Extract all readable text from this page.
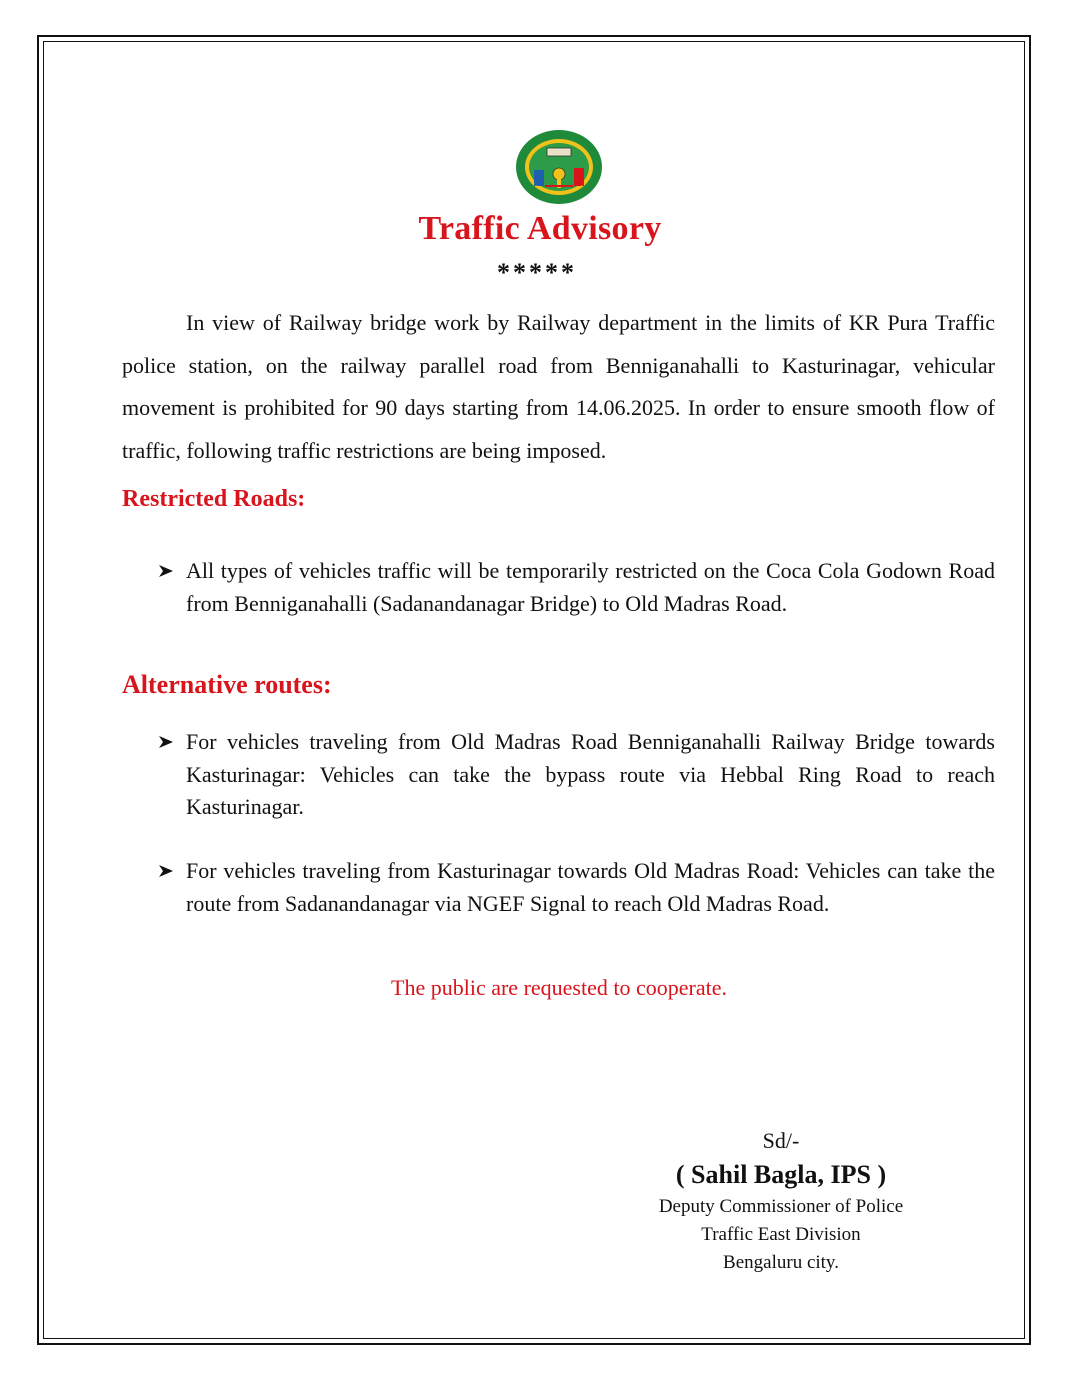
Traffic Advisory
*****

In view of Railway bridge work by Railway department in the limits of KR Pura Traffic police station, on the railway parallel road from Benniganahalli to Kasturinagar, vehicular movement is prohibited for 90 days starting from 14.06.2025. In order to ensure smooth flow of traffic, following traffic restrictions are being imposed.

Restricted Roads:

All types of vehicles traffic will be temporarily restricted on the Coca Cola Godown Road from Benniganahalli (Sadanandanagar Bridge) to Old Madras Road.

Alternative routes:

For vehicles traveling from Old Madras Road Benniganahalli Railway Bridge towards Kasturinagar: Vehicles can take the bypass route via Hebbal Ring Road to reach Kasturinagar.

For vehicles traveling from Kasturinagar towards Old Madras Road: Vehicles can take the route from Sadanandanagar via NGEF Signal to reach Old Madras Road.

The public are requested to cooperate.

Sd/-
( Sahil Bagla, IPS )
Deputy Commissioner of Police
Traffic East Division
Bengaluru city.
